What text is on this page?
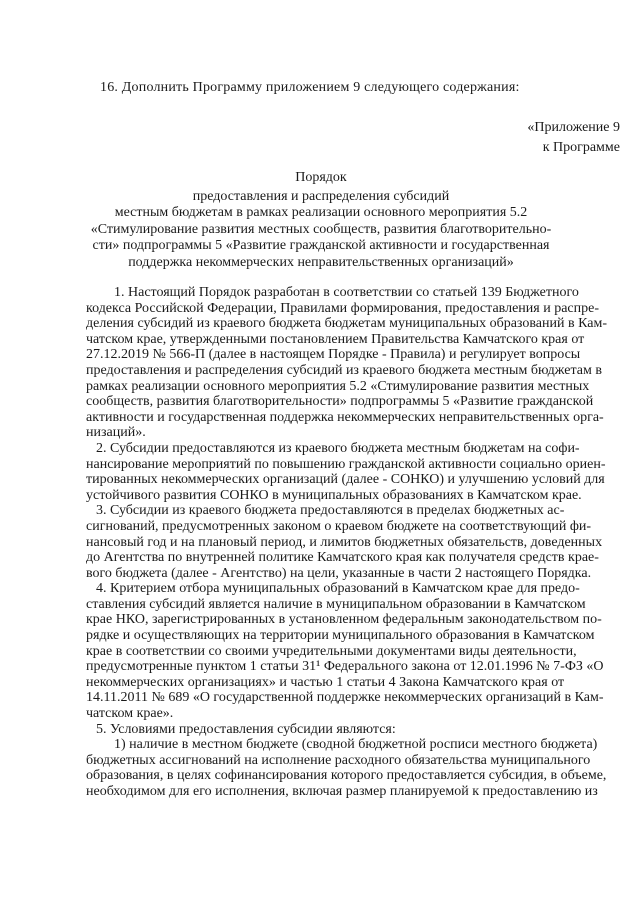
16. Дополнить Программу приложением 9 следующего содержания:
«Приложение 9
к Программе
Порядок
предоставления и распределения субсидий
местным бюджетам в рамках реализации основного мероприятия 5.2
«Стимулирование развития местных сообществ, развития благотворительно-
сти» подпрограммы 5 «Развитие гражданской активности и государственная
поддержка некоммерческих неправительственных организаций»
1. Настоящий Порядок разработан в соответствии со статьей 139 Бюджетного
кодекса Российской Федерации, Правилами формирования, предоставления и распре-
деления субсидий из краевого бюджета бюджетам муниципальных образований в Кам-
чатском крае, утвержденными постановлением Правительства Камчатского края от
27.12.2019 № 566-П (далее в настоящем Порядке - Правила) и регулирует вопросы
предоставления и распределения субсидий из краевого бюджета местным бюджетам в
рамках реализации основного мероприятия 5.2 «Стимулирование развития местных
сообществ, развития благотворительности» подпрограммы 5 «Развитие гражданской
активности и государственная поддержка некоммерческих неправительственных орга-
низаций».
2. Субсидии предоставляются из краевого бюджета местным бюджетам на софи-
нансирование мероприятий по повышению гражданской активности социально ориен-
тированных некоммерческих организаций (далее - СОНКО) и улучшению условий для
устойчивого развития СОНКО в муниципальных образованиях в Камчатском крае.
3. Субсидии из краевого бюджета предоставляются в пределах бюджетных ас-
сигнований, предусмотренных законом о краевом бюджете на соответствующий фи-
нансовый год и на плановый период, и лимитов бюджетных обязательств, доведенных
до Агентства по внутренней политике Камчатского края как получателя средств крае-
вого бюджета (далее - Агентство) на цели, указанные в части 2 настоящего Порядка.
4. Критерием отбора муниципальных образований в Камчатском крае для предо-
ставления субсидий является наличие в муниципальном образовании в Камчатском
крае НКО, зарегистрированных в установленном федеральным законодательством по-
рядке и осуществляющих на территории муниципального образования в Камчатском
крае в соответствии со своими учредительными документами виды деятельности,
предусмотренные пунктом 1 статьи 31¹ Федерального закона от 12.01.1996 № 7-ФЗ «О
некоммерческих организациях» и частью 1 статьи 4 Закона Камчатского края от
14.11.2011 № 689 «О государственной поддержке некоммерческих организаций в Кам-
чатском крае».
5. Условиями предоставления субсидии являются:
1) наличие в местном бюджете (сводной бюджетной росписи местного бюджета)
бюджетных ассигнований на исполнение расходного обязательства муниципального
образования, в целях софинансирования которого предоставляется субсидия, в объеме,
необходимом для его исполнения, включая размер планируемой к предоставлению из
